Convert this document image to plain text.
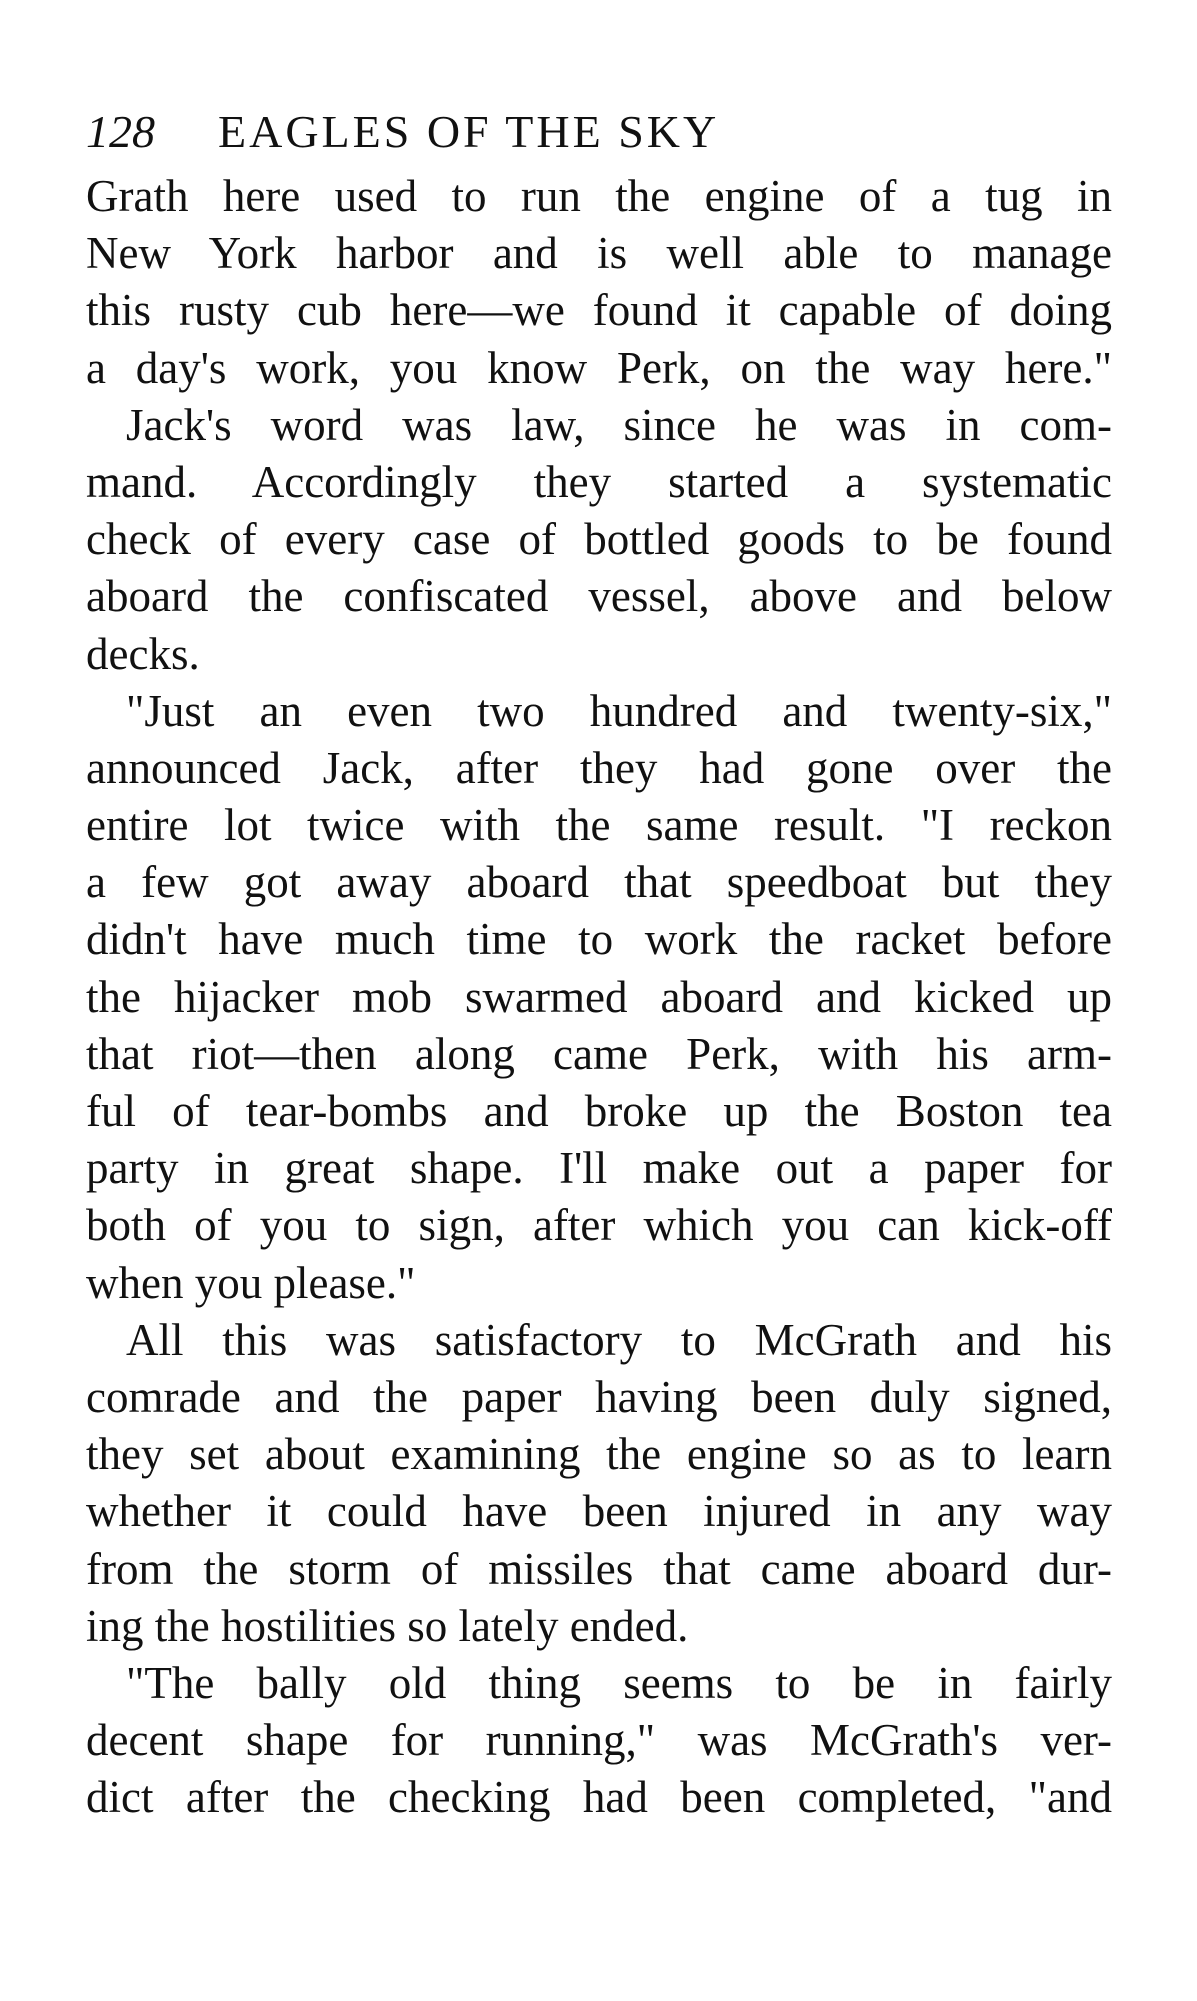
128 EAGLES OF THE SKY
Grath here used to run the engine of a tug in
New York harbor and is well able to manage
this rusty cub here—we found it capable of doing
a day's work, you know Perk, on the way here."
Jack's word was law, since he was in com-
mand. Accordingly they started a systematic
check of every case of bottled goods to be found
aboard the confiscated vessel, above and below
decks.
"Just an even two hundred and twenty-six,"
announced Jack, after they had gone over the
entire lot twice with the same result. "I reckon
a few got away aboard that speedboat but they
didn't have much time to work the racket before
the hijacker mob swarmed aboard and kicked up
that riot—then along came Perk, with his arm-
ful of tear-bombs and broke up the Boston tea
party in great shape. I'll make out a paper for
both of you to sign, after which you can kick-off
when you please."
All this was satisfactory to McGrath and his
comrade and the paper having been duly signed,
they set about examining the engine so as to learn
whether it could have been injured in any way
from the storm of missiles that came aboard dur-
ing the hostilities so lately ended.
"The bally old thing seems to be in fairly
decent shape for running," was McGrath's ver-
dict after the checking had been completed, "and
